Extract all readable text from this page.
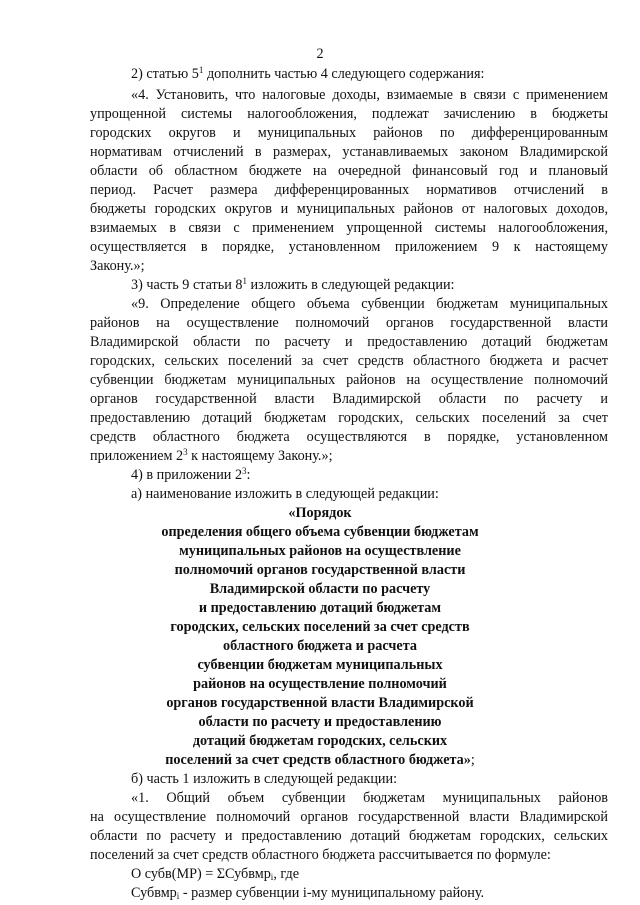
2

2) статью $5^1$ дополнить частью 4 следующего содержания:

«4. Установить, что налоговые доходы, взимаемые в связи с применением

упрощенной системы налогообложения, подлежат зачислению в бюджеты

городских округов и муниципальных районов по дифференцированным

нормативам отчислений в размерах, устанавливаемых законом Владимирской

области об областном бюджете на очередной финансовый год и плановый

период. Расчет размера дифференцированных нормативов отчислений в

бюджеты городских округов и муниципальных районов от налоговых доходов,

взимаемых в связи с применением упрощенной системы налогообложения,

осуществляется в порядке, установленном приложением 9 к настоящему

Закону.»;

3) часть 9 статьи $8^1$ изложить в следующей редакции:

«9. Определение общего объема субвенции бюджетам муниципальных

районов на осуществление полномочий органов государственной власти

Владимирской области по расчету и предоставлению дотаций бюджетам

городских, сельских поселений за счет средств областного бюджета и расчет

субвенции бюджетам муниципальных районов на осуществление полномочий

органов государственной власти Владимирской области по расчету и

предоставлению дотаций бюджетам городских, сельских поселений за счет

средств областного бюджета осуществляются в порядке, установленном

приложением $2^3$ к настоящему Закону.»;

4) в приложении $2^3$:

а) наименование изложить в следующей редакции:

«Порядок

определения общего объема субвенции бюджетам

муниципальных районов на осуществление

полномочий органов государственной власти

Владимирской области по расчету

и предоставлению дотаций бюджетам

городских, сельских поселений за счет средств

областного бюджета и расчета

субвенции бюджетам муниципальных

районов на осуществление полномочий

органов государственной власти Владимирской

области по расчету и предоставлению

дотаций бюджетам городских, сельских

поселений за счет средств областного бюджета»;

б) часть 1 изложить в следующей редакции:

«1. Общий объем субвенции бюджетам муниципальных районов

на осуществление полномочий органов государственной власти Владимирской

области по расчету и предоставлению дотаций бюджетам городских, сельских

поселений за счет средств областного бюджета рассчитывается по формуле:

О субв(МР) = ΣСубвмр$_i$, где

Субвмр$_i$ - размер субвенции i-му муниципальному району.
